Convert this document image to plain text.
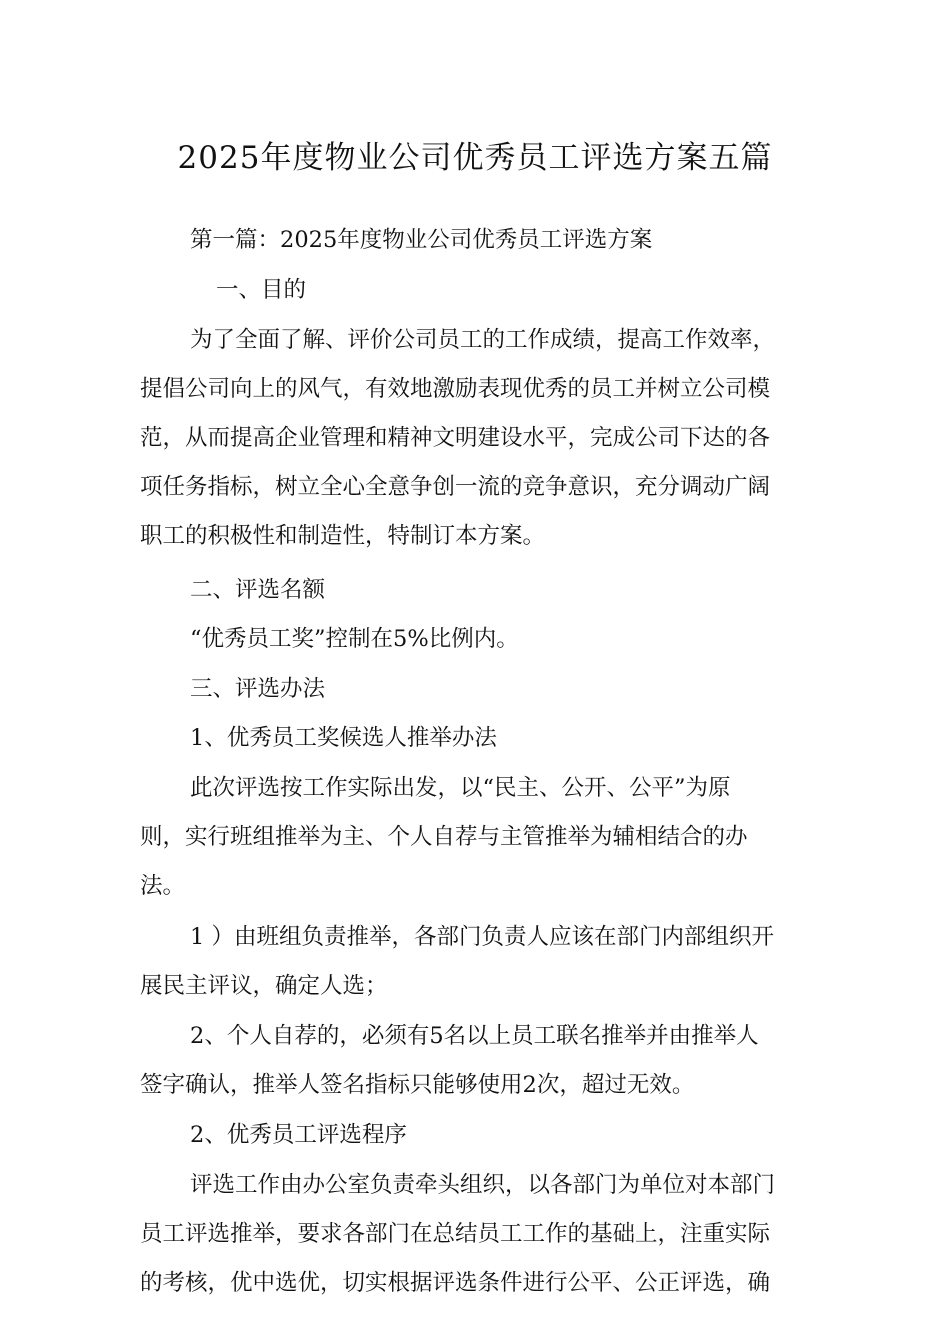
2025年度物业公司优秀员工评选方案五篇
第一篇：2025年度物业公司优秀员工评选方案
一、目的
为了全面了解、评价公司员工的工作成绩，提高工作效率，
提倡公司向上的风气，有效地激励表现优秀的员工并树立公司模
范，从而提高企业管理和精神文明建设水平，完成公司下达的各
项任务指标，树立全心全意争创一流的竞争意识，充分调动广阔
职工的积极性和制造性，特制订本方案。
二、评选名额
“优秀员工奖”控制在5%比例内。
三、评选办法
1、优秀员工奖候选人推举办法
此次评选按工作实际出发，以“民主、公开、公平”为原
则，实行班组推举为主、个人自荐与主管推举为辅相结合的办
法。
1 ）由班组负责推举，各部门负责人应该在部门内部组织开
展民主评议，确定人选；
2、个人自荐的，必须有5名以上员工联名推举并由推举人
签字确认，推举人签名指标只能够使用2次，超过无效。
2、优秀员工评选程序
评选工作由办公室负责牵头组织，以各部门为单位对本部门
员工评选推举，要求各部门在总结员工工作的基础上，注重实际
的考核，优中选优，切实根据评选条件进行公平、公正评选，确
